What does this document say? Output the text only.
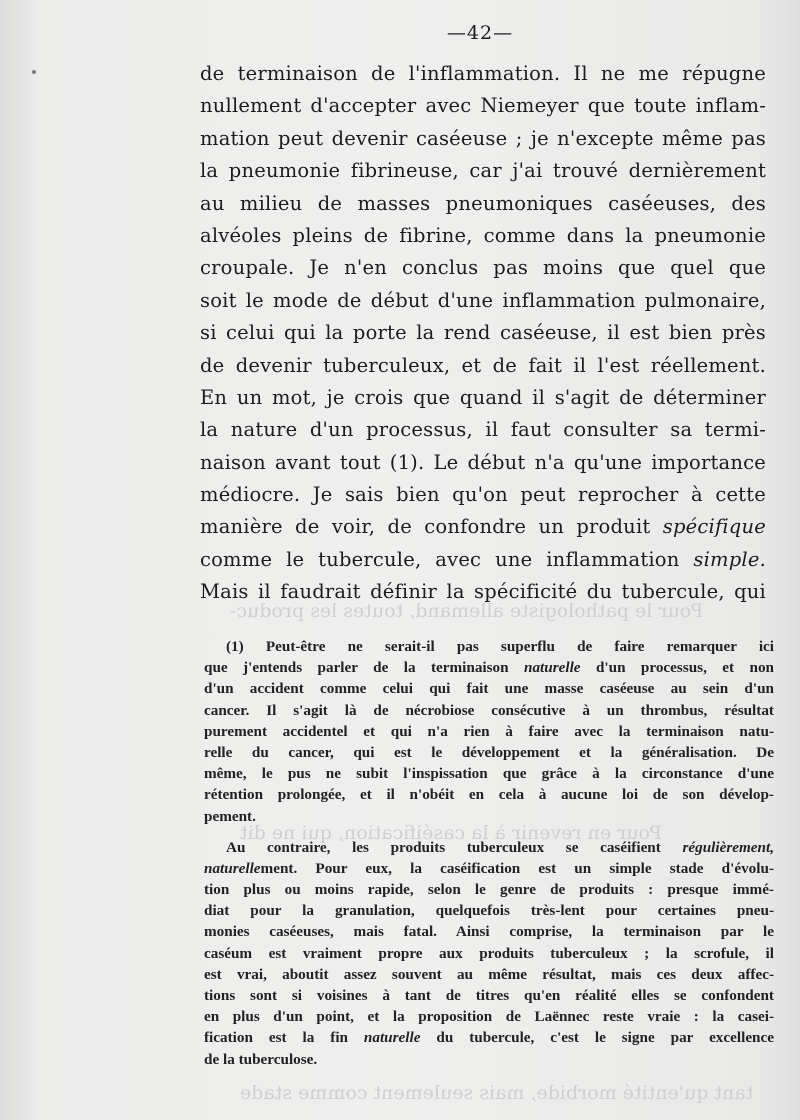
Pour le pathologiste allemand, toutes les produc-
Pour en revenir à la caséification, qui ne dit
tant qu'entité morbide, mais seulement comme stade
—42—
de terminaison de l'inflammation. Il ne me répugne
nullement d'accepter avec Niemeyer que toute inflam-
mation peut devenir caséeuse ; je n'excepte même pas
la pneumonie fibrineuse, car j'ai trouvé dernièrement
au milieu de masses pneumoniques caséeuses, des
alvéoles pleins de fibrine, comme dans la pneumonie
croupale. Je n'en conclus pas moins que quel que
soit le mode de début d'une inflammation pulmonaire,
si celui qui la porte la rend caséeuse, il est bien près
de devenir tuberculeux, et de fait il l'est réellement.
En un mot, je crois que quand il s'agit de déterminer
la nature d'un processus, il faut consulter sa termi-
naison avant tout (1). Le début n'a qu'une importance
médiocre. Je sais bien qu'on peut reprocher à cette
manière de voir, de confondre un produit spécifique
comme le tubercule, avec une inflammation simple.
Mais il faudrait définir la spécificité du tubercule, qui
(1) Peut-être ne serait-il pas superflu de faire remarquer ici
que j'entends parler de la terminaison naturelle d'un processus, et non
d'un accident comme celui qui fait une masse caséeuse au sein d'un
cancer. Il s'agit là de nécrobiose consécutive à un thrombus, résultat
purement accidentel et qui n'a rien à faire avec la terminaison natu-
relle du cancer, qui est le développement et la généralisation. De
même, le pus ne subit l'inspissation que grâce à la circonstance d'une
rétention prolongée, et il n'obéit en cela à aucune loi de son dévelop-
pement.
Au contraire, les produits tuberculeux se caséifient régulièrement,
naturellement. Pour eux, la caséification est un simple stade d'évolu-
tion plus ou moins rapide, selon le genre de produits : presque immé-
diat pour la granulation, quelquefois très-lent pour certaines pneu-
monies caséeuses, mais fatal. Ainsi comprise, la terminaison par le
caséum est vraiment propre aux produits tuberculeux ; la scrofule, il
est vrai, aboutit assez souvent au même résultat, mais ces deux affec-
tions sont si voisines à tant de titres qu'en réalité elles se confondent
en plus d'un point, et la proposition de Laënnec reste vraie : la casei-
fication est la fin naturelle du tubercule, c'est le signe par excellence
de la tuberculose.
